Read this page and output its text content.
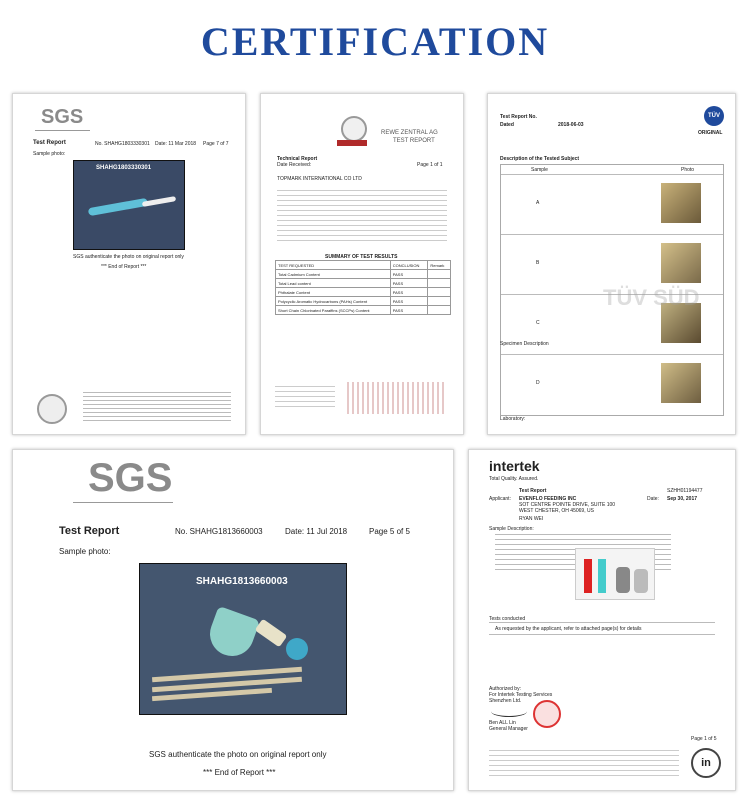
CERTIFICATION
SGS
Test Report	No. SHAHG1803330301 Date: 11 Mar 2018 Page 7 of 7
Sample photo:
SHAHG1803330301
SGS authenticate the photo on original report only
*** End of Report ***
REWE ZENTRAL AG
TEST REPORT
Technical Report
Date Received:	Page 1 of 1
TOPMARK INTERNATIONAL CO LTD
SUMMARY OF TEST RESULTS
TEST REQUESTED	CONCLUSION	Remark
Total Cadmium Content	PASS	
Total Lead content	PASS	
Phthalate Content	PASS	
Polycyclic Aromatic Hydrocarbons (PAHs) Content	PASS	
Short Chain Chlorinated Paraffins (SCCPs) Content	PASS	
Test Report No.
Dated	2018-06-03
TÜV
ORIGINAL
Description of the Tested Subject
Sample	Photo
A
B
C
D
TÜV SÜD
Specimen Description
Laboratory:
SGS
Test Report	No. SHAHG1813660003	Date: 11 Jul 2018	Page 5 of 5
Sample photo:
SHAHG1813660003
SGS authenticate the photo on original report only
*** End of Report ***
intertek
Total Quality. Assured.
Test Report	SZHH01194477
Applicant: EVENFLO FEEDING INC	Date: Sep 30, 2017
SOT CENTRE POINTE DRIVE, SUITE 100
WEST CHESTER, OH 45069, US
RYAN WEI
Sample Description:
Tests conducted
As requested by the applicant, refer to attached page(s) for details
Authorized by:
For Intertek Testing Services
Shenzhen Ltd.
Ben ALL Lin
General Manager
in
Page 1 of 5
